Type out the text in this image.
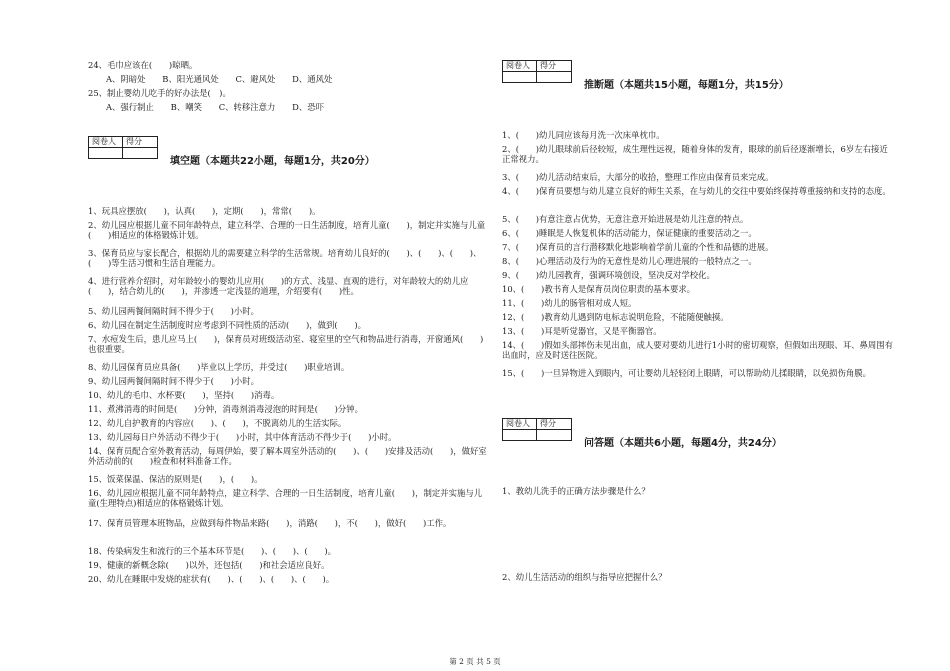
24、毛巾应该在(　　)晾晒。
A、阴暗处　　B、阳光通风处　　C、避风处　　D、通风处
25、制止婴幼儿吃手的好办法是(　)。
A、强行制止　　B、嘲笑　　C、转移注意力　　D、恐吓
阅卷人	得分

填空题（本题共22小题，每题1分，共20分）
1、玩具应摆放(　　)，认真(　　)，定期(　　)，常常(　　)。
2、幼儿园应根据儿童不同年龄特点，建立科学、合理的一日生活制度，培育儿童(　　)，制定并实施与儿童(　　)相适应的体格锻炼计划。
3、保育员应与家长配合，根据幼儿的需要建立科学的生活常规。培育幼儿良好的(　　)、(　　)、(　　)、(　　)等生活习惯和生活自理能力。
4、进行营养介绍时，对年龄较小的婴幼儿应用(　　)的方式、浅显、直观的进行，对年龄较大的幼儿应(　　)，结合幼儿的(　　)，并渗透一定浅显的道理，介绍要有(　　)性。
5、幼儿园两餐间隔时间不得少于(　　)小时。
6、幼儿园在制定生活制度时应考虑到不同性质的活动(　　)，做到(　　)。
7、水痘发生后，患儿应马上(　　)，保育员对班级活动室、寝室里的空气和物品进行消毒，开窗通风(　　)也很重要。
8、幼儿园保育员应具备(　　)毕业以上学历，并受过(　　)职业培训。
9、幼儿园两餐间隔时间不得少于(　　)小时。
10、幼儿的毛巾、水杯要(　　)，坚持(　　)消毒。
11、煮沸消毒的时间是(　　)分钟，消毒剂消毒浸泡的时间是(　　)分钟。
12、幼儿自护教育的内容应(　　)、(　　)，不脱离幼儿的生活实际。
13、幼儿园每日户外活动不得少于(　　)小时，其中体育活动不得少于(　　)小时。
14、保育员配合室外教育活动，每周伊始，要了解本周室外活动的(　　)、(　　)安排及活动(　　)，做好室外活动前的(　　)检查和材料准备工作。
15、饭菜保温、保洁的原则是(　　)，(　　)。
16、幼儿园应根据儿童不同年龄特点，建立科学、合理的一日生活制度，培育儿童(　　)，制定并实施与儿童(生理特点)相适应的体格锻炼计划。
17、保育员管理本班物品，应做到每件物品来路(　　)，消路(　　)，不(　　)，做好(　　)工作。
18、传染病发生和流行的三个基本环节是(　　)、(　　)、(　　)。
19、健康的新概念除(　　)以外，还包括(　　)和社会适应良好。
20、幼儿在睡眠中发烧的症状有(　　)、(　　)、(　　)、(　　)。
阅卷人	得分

推断题（本题共15小题，每题1分，共15分）
1、(　　)幼儿同应该每月洗一次床单枕巾。
2、(　　)幼儿眼球前后径较短，成生理性远视，随着身体的发育，眼球的前后径逐渐增长，6岁左右接近正常视力。
3、(　　)幼儿活动结束后，大部分的收拾，整理工作应由保育员来完成。
4、(　　)保育员要想与幼儿建立良好的师生关系，在与幼儿的交往中要始终保持尊重接纳和支持的态度。
5、(　　)有意注意占优势，无意注意开始进展是幼儿注意的特点。
6、(　　)睡眠是人恢复机体的活动能力，保证健康的重要活动之一。
7、(　　)保育员的言行潜移默化地影响着学前儿童的个性和品德的进展。
8、(　　)心理活动及行为的无意性是幼儿心理进展的一般特点之一。
9、(　　)幼儿园教育，强调环境创设，坚决反对学校化。
10、(　　)教书育人是保育员岗位职责的基本要求。
11、(　　)幼儿的肠管相对成人短。
12、(　　)教育幼儿遇到防电标志说明危险，不能随便触摸。
13、(　　)耳是听觉器官，又是平衡器官。
14、(　　)假如头部摔伤未见出血，成人要对要幼儿进行1小时的密切观察，但假如出现眼、耳、鼻周围有出血时，应及时送往医院。
15、(　　)一旦异物进入到眼内，可让婴幼儿轻轻闭上眼睛，可以帮助幼儿揉眼睛，以免损伤角膜。
阅卷人	得分

问答题（本题共6小题，每题4分，共24分）
1、教幼儿洗手的正确方法步骤是什么？
2、幼儿生活活动的组织与指导应把握什么？
第 2 页 共 5 页
